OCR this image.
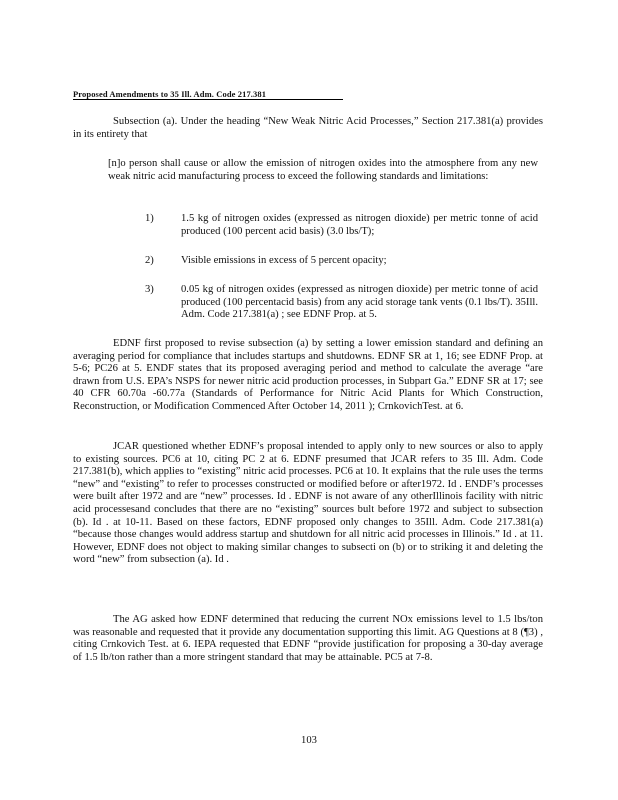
Proposed Amendments to 35 Ill. Adm. Code 217.381
Subsection (a). Under the heading “New Weak Nitric Acid Processes,” Section 217.381(a) provides in its entirety that
[n]o person shall cause or allow the emission of nitrogen oxides into the atmosphere from any new weak nitric acid manufacturing process to exceed the following standards and limitations:
1)	1.5 kg of nitrogen oxides (expressed as nitrogen dioxide) per metric tonne of acid produced (100 percent acid basis) (3.0 lbs/T);
2)	Visible emissions in excess of 5 percent opacity;
3)	0.05 kg of nitrogen oxides (expressed as nitrogen dioxide) per metric tonne of acid produced (100 percentacid basis) from any acid storage tank vents (0.1 lbs/T). 35Ill. Adm. Code 217.381(a) ; see EDNF Prop. at 5.
EDNF first proposed to revise subsection (a) by setting a lower emission standard and defining an averaging period for compliance that includes startups and shutdowns. EDNF SR at 1, 16; see EDNF Prop. at 5-6; PC26 at 5. ENDF states that its proposed averaging period and method to calculate the average “are drawn from U.S. EPA’s NSPS for newer nitric acid production processes, in Subpart Ga.” EDNF SR at 17; see 40 CFR 60.70a -60.77a (Standards of Performance for Nitric Acid Plants for Which Construction, Reconstruction, or Modification Commenced After October 14, 2011 ); CrnkovichTest. at 6.
JCAR questioned whether EDNF’s proposal intended to apply only to new sources or also to apply to existing sources. PC6 at 10, citing PC 2 at 6. EDNF presumed that JCAR refers to 35 Ill. Adm. Code 217.381(b), which applies to “existing” nitric acid processes. PC6 at 10. It explains that the rule uses the terms “new” and “existing” to refer to processes constructed or modified before or after1972. Id . ENDF’s processes were built after 1972 and are “new” processes. Id . EDNF is not aware of any otherIllinois facility with nitric acid processesand concludes that there are no “existing” sources bult before 1972 and subject to subsection (b). Id . at 10-11. Based on these factors, EDNF proposed only changes to 35Ill. Adm. Code 217.381(a) “because those changes would address startup and shutdown for all nitric acid processes in Illinois.” Id . at 11. However, EDNF does not object to making similar changes to subsecti on (b) or to striking it and deleting the word “new” from subsection (a). Id .
The AG asked how EDNF determined that reducing the current NOx emissions level to 1.5 lbs/ton was reasonable and requested that it provide any documentation supporting this limit. AG Questions at 8 (¶3) , citing Crnkovich Test. at 6. IEPA requested that EDNF “provide justification for proposing a 30-day average of 1.5 lb/ton rather than a more stringent standard that may be attainable. PC5 at 7-8.
103
